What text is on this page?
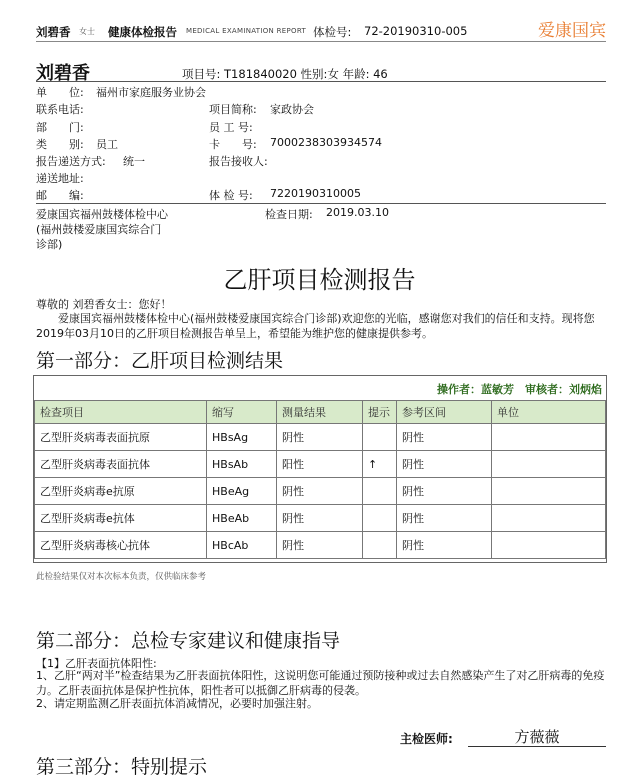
刘碧香 女士 健康体检报告 MEDICAL EXAMINATION REPORT 体检号: 72-20190310-005	爱康国宾
刘碧香	项目号: T181840020 性别:女 年龄: 46
单　　位: 福州市家庭服务业协会
联系电话:	项目简称: 家政协会
部　　门:	员 工 号:
类　　别: 员工	卡　　号: 7000238303934574
报告递送方式: 统一	报告接收人:
递送地址:
邮　　编:	体 检 号: 7220190310005
爱康国宾福州鼓楼体检中心
(福州鼓楼爱康国宾综合门
诊部)
检查日期: 2019.03.10
乙肝项目检测报告
尊敬的 刘碧香女士：您好！
爱康国宾福州鼓楼体检中心(福州鼓楼爱康国宾综合门诊部)欢迎您的光临，感谢您对我们的信任和支持。现将您2019年03月10日的乙肝项目检测报告单呈上，希望能为维护您的健康提供参考。
第一部分：乙肝项目检测结果
操作者：蓝敏芳　审核者：刘炳焰
检查项目	缩写	测量结果	提示	参考区间	单位
乙型肝炎病毒表面抗原	HBsAg	阴性		阴性	
乙型肝炎病毒表面抗体	HBsAb	阳性	↑	阴性	
乙型肝炎病毒e抗原	HBeAg	阴性		阴性	
乙型肝炎病毒e抗体	HBeAb	阴性		阴性	
乙型肝炎病毒核心抗体	HBcAb	阴性		阴性	
此检验结果仅对本次标本负责，仅供临床参考
第二部分：总检专家建议和健康指导
【1】乙肝表面抗体阳性:
1、乙肝“两对半”检查结果为乙肝表面抗体阳性，这说明您可能通过预防接种或过去自然感染产生了对乙肝病毒的免疫力。乙肝表面抗体是保护性抗体，阳性者可以抵御乙肝病毒的侵袭。
2、请定期监测乙肝表面抗体消减情况，必要时加强注射。
主检医师:	方薇薇
第三部分：特别提示
